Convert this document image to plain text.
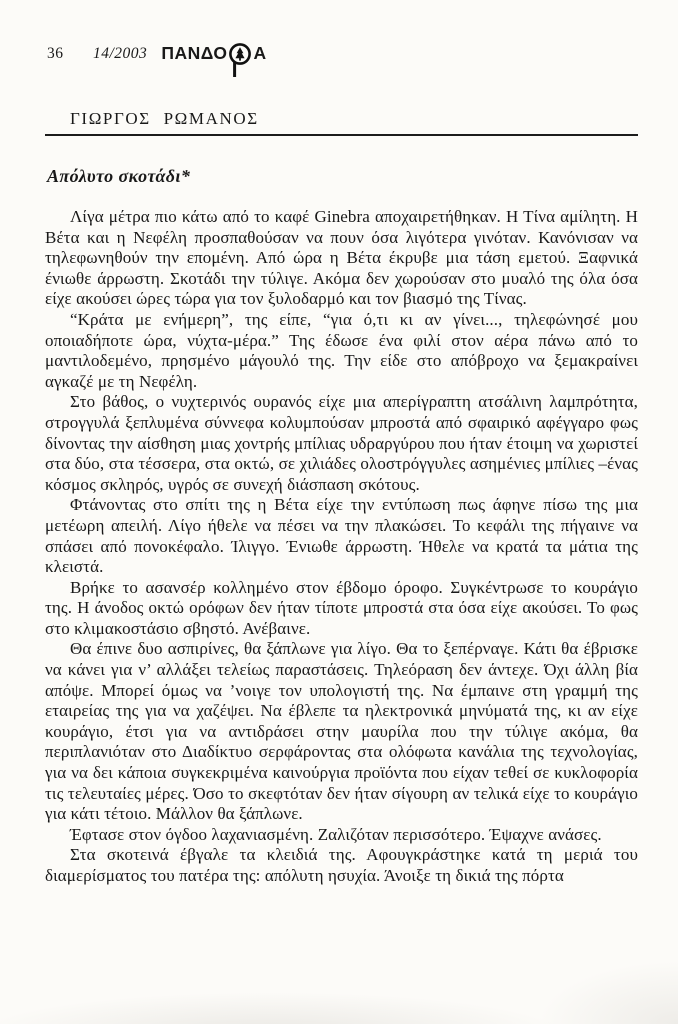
36	14/2003 ΠΑΝΔΟ Α
ΓΙΩΡΓΟΣ ΡΩΜΑΝΟΣ
Απόλυτο σκοτάδι*

Λίγα μέτρα πιο κάτω από το καφέ Ginebra αποχαιρετήθηκαν. Η Τίνα αμίλητη. Η Βέτα και η Νεφέλη προσπαθούσαν να πουν όσα λιγότερα γινόταν. Κανόνισαν να τηλεφωνηθούν την επομένη. Από ώρα η Βέτα έκρυβε μια τάση εμετού. Ξαφνικά ένιωθε άρρωστη. Σκοτάδι την τύλιγε. Ακόμα δεν χωρούσαν στο μυαλό της όλα όσα είχε ακούσει ώρες τώρα για τον ξυλοδαρμό και τον βιασμό της Τίνας.

“Κράτα με ενήμερη”, της είπε, “για ό,τι κι αν γίνει..., τηλεφώνησέ μου οποιαδήποτε ώρα, νύχτα-μέρα.” Της έδωσε ένα φιλί στον αέρα πάνω από το μαντιλοδεμένο, πρησμένο μάγουλό της. Την είδε στο απόβροχο να ξεμακραίνει αγκαζέ με τη Νεφέλη.

Στο βάθος, ο νυχτερινός ουρανός είχε μια απερίγραπτη ατσάλινη λαμπρότητα, στρογγυλά ξεπλυμένα σύννεφα κολυμπούσαν μπροστά από σφαιρικό αφέγγαρο φως δίνοντας την αίσθηση μιας χοντρής μπίλιας υδραργύρου που ήταν έτοιμη να χωριστεί στα δύο, στα τέσσερα, στα οκτώ, σε χιλιάδες ολοστρόγγυλες ασημένιες μπίλιες –ένας κόσμος σκληρός, υγρός σε συνεχή διάσπαση σκότους.

Φτάνοντας στο σπίτι της η Βέτα είχε την εντύπωση πως άφηνε πίσω της μια μετέωρη απειλή. Λίγο ήθελε να πέσει να την πλακώσει. Το κεφάλι της πήγαινε να σπάσει από πονοκέφαλο. Ίλιγγο. Ένιωθε άρρωστη. Ήθελε να κρατά τα μάτια της κλειστά.

Βρήκε το ασανσέρ κολλημένο στον έβδομο όροφο. Συγκέντρωσε το κουράγιο της. Η άνοδος οκτώ ορόφων δεν ήταν τίποτε μπροστά στα όσα είχε ακούσει. Το φως στο κλιμακοστάσιο σβηστό. Ανέβαινε.

Θα έπινε δυο ασπιρίνες, θα ξάπλωνε για λίγο. Θα το ξεπέρναγε. Κάτι θα έβρισκε να κάνει για ν’ αλλάξει τελείως παραστάσεις. Τηλεόραση δεν άντεχε. Όχι άλλη βία απόψε. Μπορεί όμως να ’νοιγε τον υπολογιστή της. Να έμπαινε στη γραμμή της εταιρείας της για να χαζέψει. Να έβλεπε τα ηλεκτρονικά μηνύματά της, κι αν είχε κουράγιο, έτσι για να αντιδράσει στην μαυρίλα που την τύλιγε ακόμα, θα περιπλανιόταν στο Διαδίκτυο σερφάροντας στα ολόφωτα κανάλια της τεχνολογίας, για να δει κάποια συγκεκριμένα καινούργια προϊόντα που είχαν τεθεί σε κυκλοφορία τις τελευταίες μέρες. Όσο το σκεφτόταν δεν ήταν σίγουρη αν τελικά είχε το κουράγιο για κάτι τέτοιο. Μάλλον θα ξάπλωνε.

Έφτασε στον όγδοο λαχανιασμένη. Ζαλιζόταν περισσότερο. Έψαχνε ανάσες.

Στα σκοτεινά έβγαλε τα κλειδιά της. Αφουγκράστηκε κατά τη μεριά του διαμερίσματος του πατέρα της: απόλυτη ησυχία. Άνοιξε τη δικιά της πόρτα
